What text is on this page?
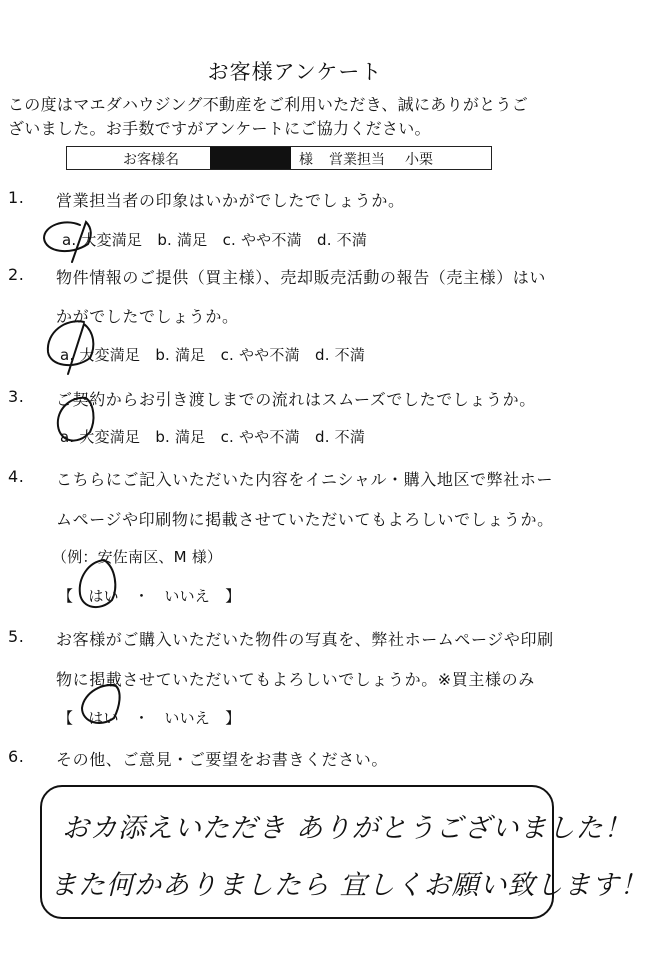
お客様アンケート
この度はマエダハウジング不動産をご利用いただき、誠にありがとうご
ざいました。お手数ですがアンケートにご協力ください。
お客様名	様 営業担当 小栗
1. 営業担当者の印象はいかがでしたでしょうか。
a. 大変満足　b. 満足　c. やや不満　d. 不満
2. 物件情報のご提供（買主様）、売却販売活動の報告（売主様）はい
かがでしたでしょうか。
a. 大変満足　b. 満足　c. やや不満　d. 不満
3. ご契約からお引き渡しまでの流れはスムーズでしたでしょうか。
a. 大変満足　b. 満足　c. やや不満　d. 不満
4. こちらにご記入いただいた内容をイニシャル・購入地区で弊社ホー
ムページや印刷物に掲載させていただいてもよろしいでしょうか。
（例：安佐南区、M 様）
【　はい　・　いいえ　】
5. お客様がご購入いただいた物件の写真を、弊社ホームページや印刷
物に掲載させていただいてもよろしいでしょうか。※買主様のみ
【　はい　・　いいえ　】
6. その他、ご意見・ご要望をお書きください。
おカ添えいただき ありがとうございました！
また何かありましたら 宜しくお願い致します！
